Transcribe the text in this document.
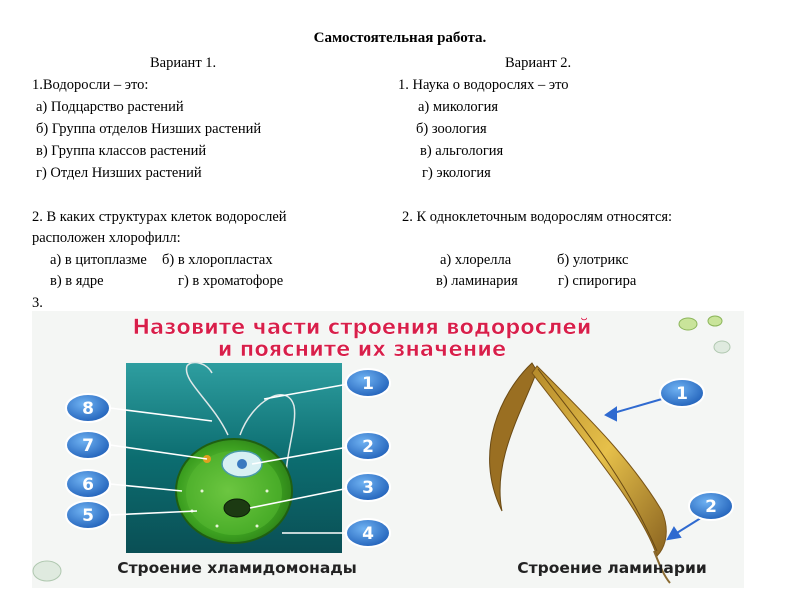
Самостоятельная работа.
Вариант 1.
1.Водоросли – это:
а) Подцарство растений
б) Группа отделов Низших растений
в) Группа классов растений
г) Отдел Низших растений
2. В каких структурах клеток водорослей
расположен хлорофилл:
а) в цитоплазме б) в хлоропластах
в) в ядре	г) в хроматофоре
3.
Вариант 2.
1. Наука о водорослях – это
а) микология
б) зоология
в) альгология
г) экология
2. К одноклеточным водорослям относятся:
а) хлорелла	б) улотрикс
в) ламинария	г) спирогира
Назовите части строения водорослей
и поясните их значение
8
7
6
5
1
2
3
4
1
2
Строение хламидомонады	Строение ламинарии
